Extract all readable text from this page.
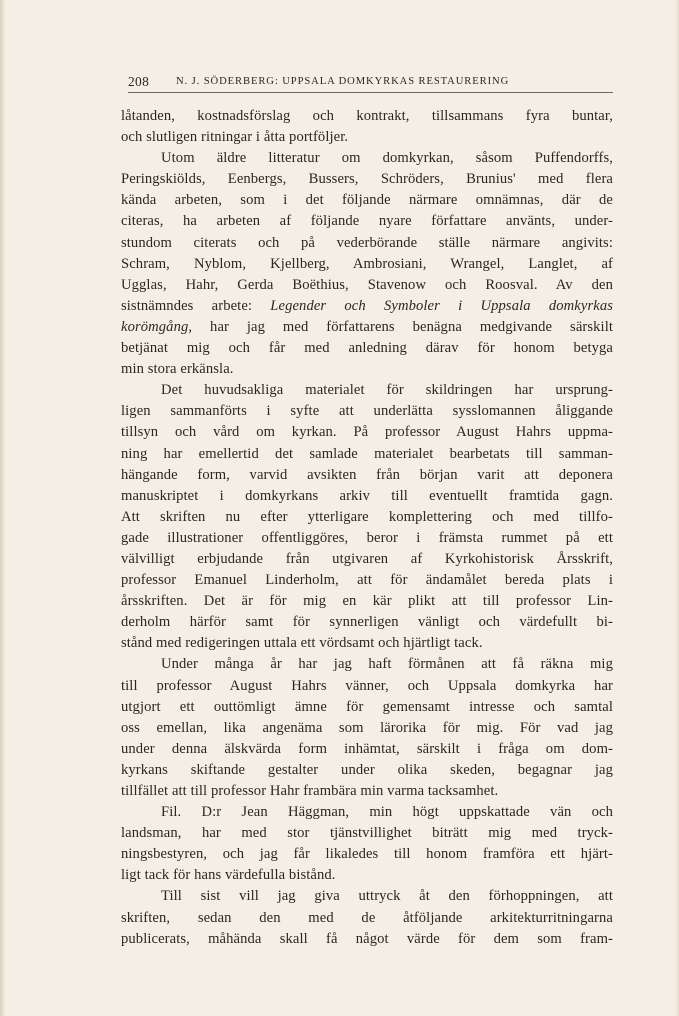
208	N. J. SÖDERBERG: UPPSALA DOMKYRKAS RESTAURERING
låtanden, kostnadsförslag och kontrakt, tillsammans fyra buntar,
och slutligen ritningar i åtta portföljer.
Utom äldre litteratur om domkyrkan, såsom Puffendorffs,
Peringskiölds, Eenbergs, Bussers, Schröders, Brunius' med flera
kända arbeten, som i det följande närmare omnämnas, där de
citeras, ha arbeten af följande nyare författare använts, under-
stundom citerats och på vederbörande ställe närmare angivits:
Schram, Nyblom, Kjellberg, Ambrosiani, Wrangel, Langlet, af
Ugglas, Hahr, Gerda Boëthius, Stavenow och Roosval. Av den
sistnämndes arbete: Legender och Symboler i Uppsala domkyrkas
korömgång, har jag med författarens benägna medgivande särskilt
betjänat mig och får med anledning därav för honom betyga
min stora erkänsla.
Det huvudsakliga materialet för skildringen har ursprung-
ligen sammanförts i syfte att underlätta sysslomannen åliggande
tillsyn och vård om kyrkan. På professor August Hahrs uppma-
ning har emellertid det samlade materialet bearbetats till samman-
hängande form, varvid avsikten från början varit att deponera
manuskriptet i domkyrkans arkiv till eventuellt framtida gagn.
Att skriften nu efter ytterligare komplettering och med tillfo-
gade illustrationer offentliggöres, beror i främsta rummet på ett
välvilligt erbjudande från utgivaren af Kyrkohistorisk Årsskrift,
professor Emanuel Linderholm, att för ändamålet bereda plats i
årsskriften. Det är för mig en kär plikt att till professor Lin-
derholm härför samt för synnerligen vänligt och värdefullt bi-
stånd med redigeringen uttala ett vördsamt och hjärtligt tack.
Under många år har jag haft förmånen att få räkna mig
till professor August Hahrs vänner, och Uppsala domkyrka har
utgjort ett outtömligt ämne för gemensamt intresse och samtal
oss emellan, lika angenäma som lärorika för mig. För vad jag
under denna älskvärda form inhämtat, särskilt i fråga om dom-
kyrkans skiftande gestalter under olika skeden, begagnar jag
tillfället att till professor Hahr frambära min varma tacksamhet.
Fil. D:r Jean Häggman, min högt uppskattade vän och
landsman, har med stor tjänstvillighet biträtt mig med tryck-
ningsbestyren, och jag får likaledes till honom framföra ett hjärt-
ligt tack för hans värdefulla bistånd.
Till sist vill jag giva uttryck åt den förhoppningen, att
skriften, sedan den med de åtföljande arkitekturritningarna
publicerats, måhända skall få något värde för dem som fram-
